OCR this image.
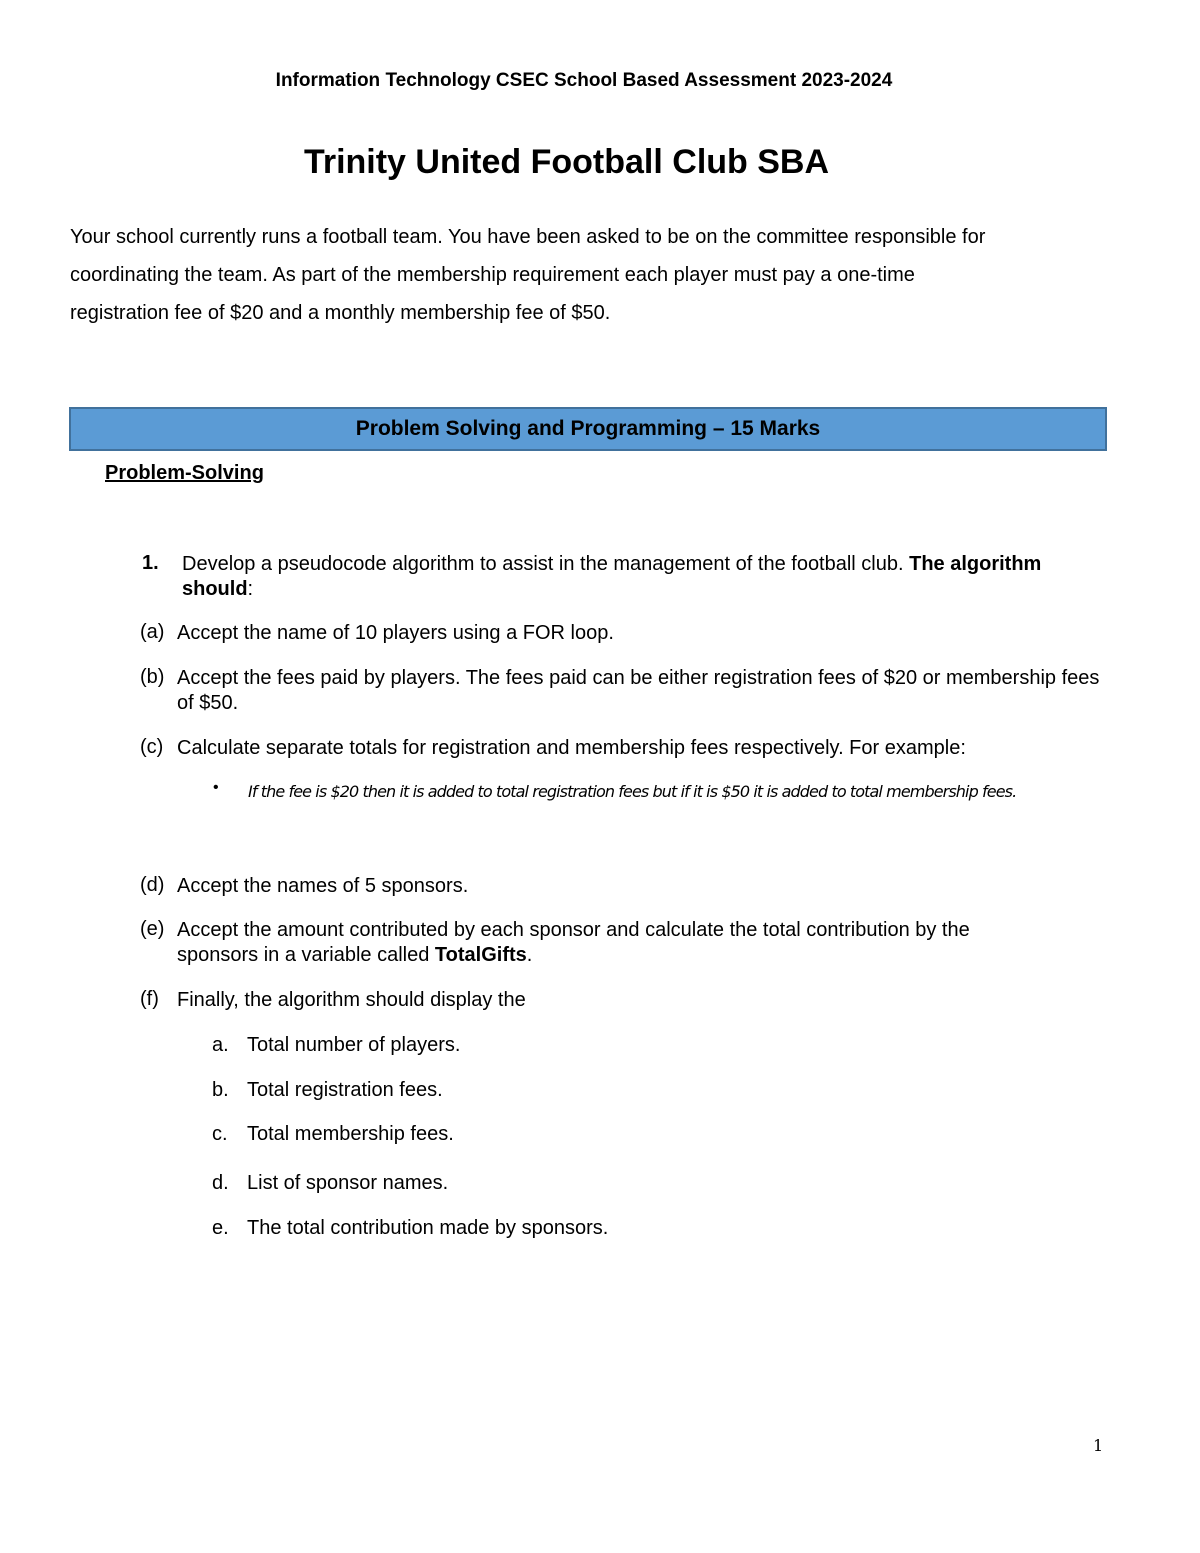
Information Technology CSEC School Based Assessment 2023-2024
Trinity United Football Club SBA
Your school currently runs a football team. You have been asked to be on the committee responsible for
coordinating the team. As part of the membership requirement each player must pay a one-time
registration fee of $20 and a monthly membership fee of $50.
Problem Solving and Programming – 15 Marks
Problem-Solving
1. Develop a pseudocode algorithm to assist in the management of the football club. The algorithm should:
(a) Accept the name of 10 players using a FOR loop.
(b) Accept the fees paid by players. The fees paid can be either registration fees of $20 or membership fees of $50.
(c) Calculate separate totals for registration and membership fees respectively. For example:
• If the fee is $20 then it is added to total registration fees but if it is $50 it is added to total membership fees.
(d) Accept the names of 5 sponsors.
(e) Accept the amount contributed by each sponsor and calculate the total contribution by the sponsors in a variable called TotalGifts.
(f) Finally, the algorithm should display the
a. Total number of players.
b. Total registration fees.
c. Total membership fees.
d. List of sponsor names.
e. The total contribution made by sponsors.
1
